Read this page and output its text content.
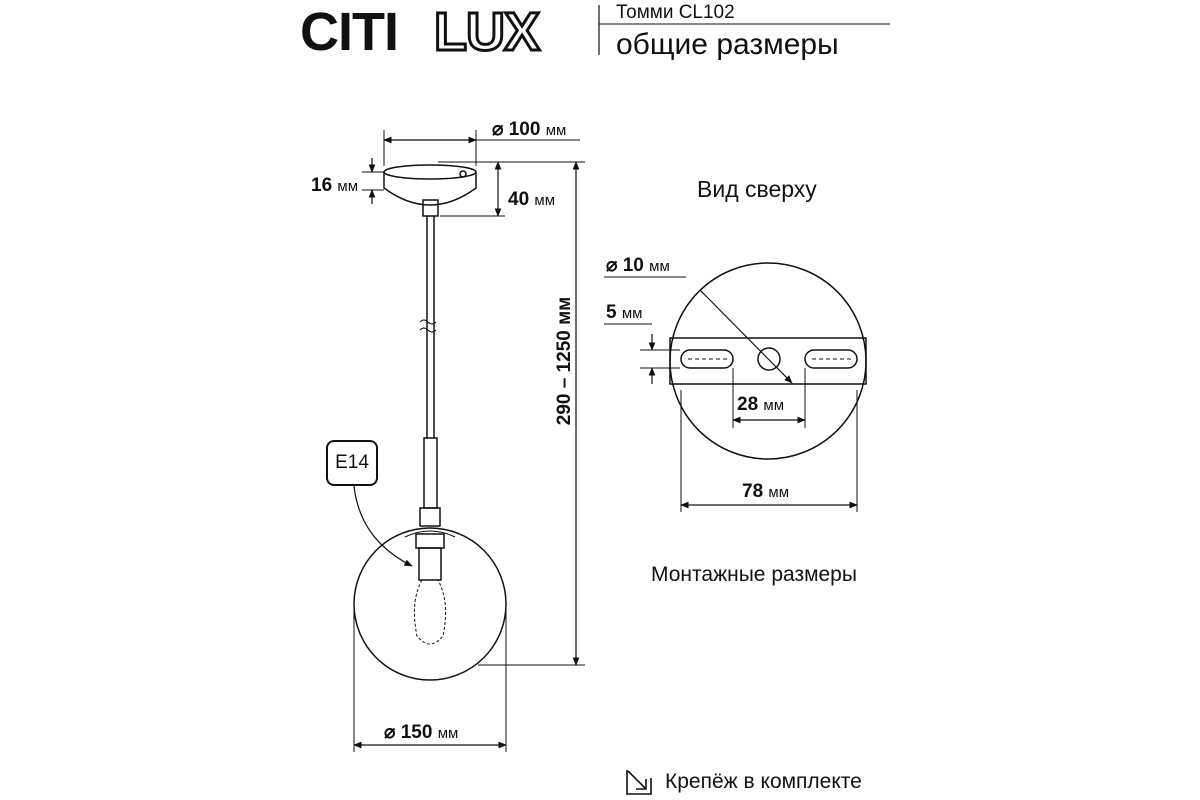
CITI LUX	Томми CL102
общие размеры
⌀ 100 мм
16 мм
40 мм
290 – 1250 мм
⌀ 150 мм
E14
Вид сверху
⌀ 10 мм
5 мм
28 мм
78 мм
Монтажные размеры
Крепёж в комплекте
